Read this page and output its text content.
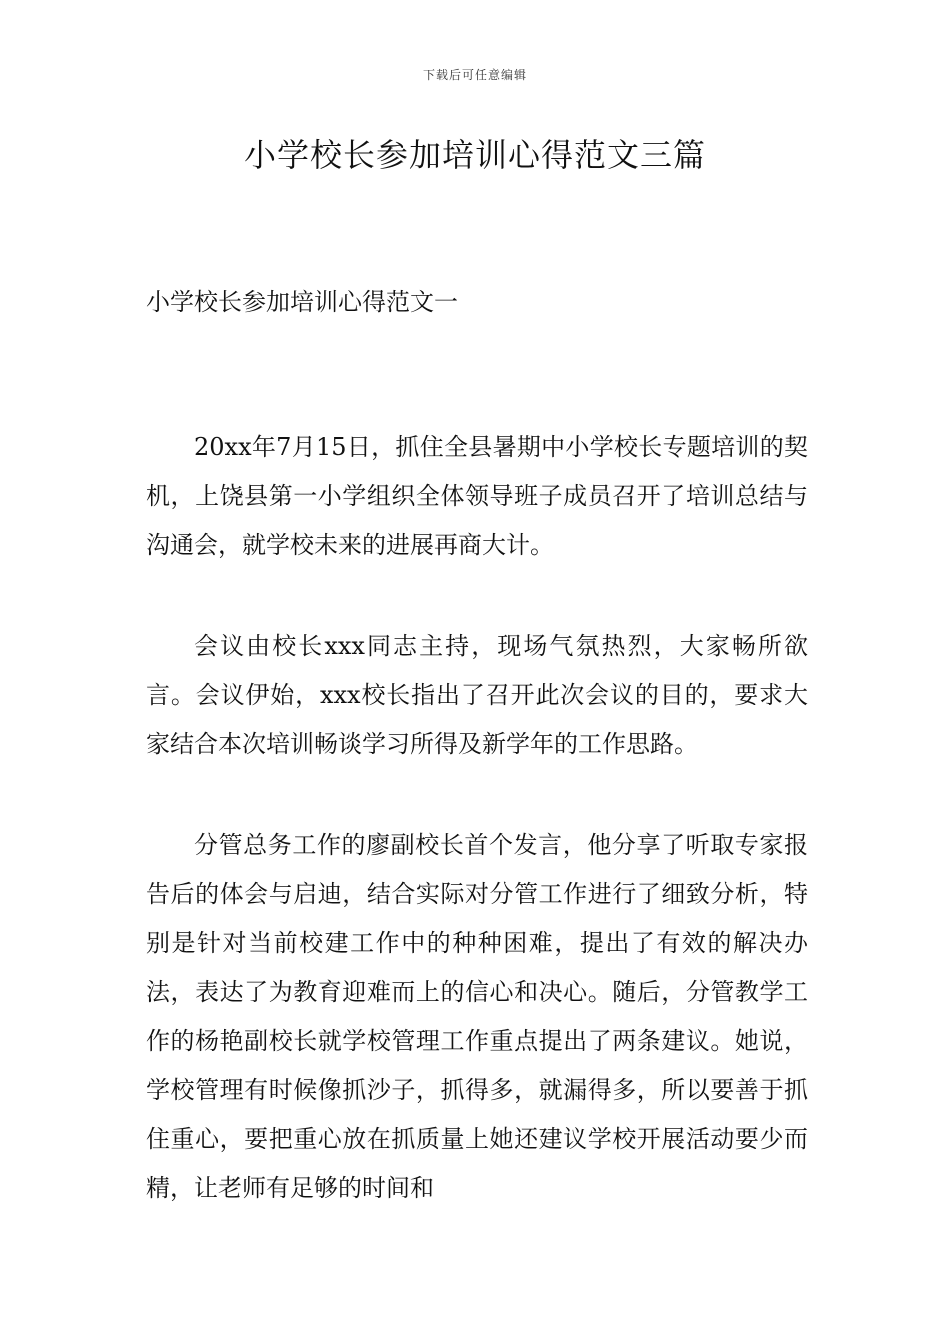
下载后可任意编辑
小学校长参加培训心得范文三篇
小学校长参加培训心得范文一

20xx年7月15日，抓住全县暑期中小学校长专题培训的契机，上饶县第一小学组织全体领导班子成员召开了培训总结与沟通会，就学校未来的进展再商大计。

会议由校长xxx同志主持，现场气氛热烈，大家畅所欲言。会议伊始，xxx校长指出了召开此次会议的目的，要求大家结合本次培训畅谈学习所得及新学年的工作思路。

分管总务工作的廖副校长首个发言，他分享了听取专家报告后的体会与启迪，结合实际对分管工作进行了细致分析，特别是针对当前校建工作中的种种困难，提出了有效的解决办法，表达了为教育迎难而上的信心和决心。随后，分管教学工作的杨艳副校长就学校管理工作重点提出了两条建议。她说，学校管理有时候像抓沙子，抓得多，就漏得多，所以要善于抓住重心，要把重心放在抓质量上她还建议学校开展活动要少而精，让老师有足够的时间和
